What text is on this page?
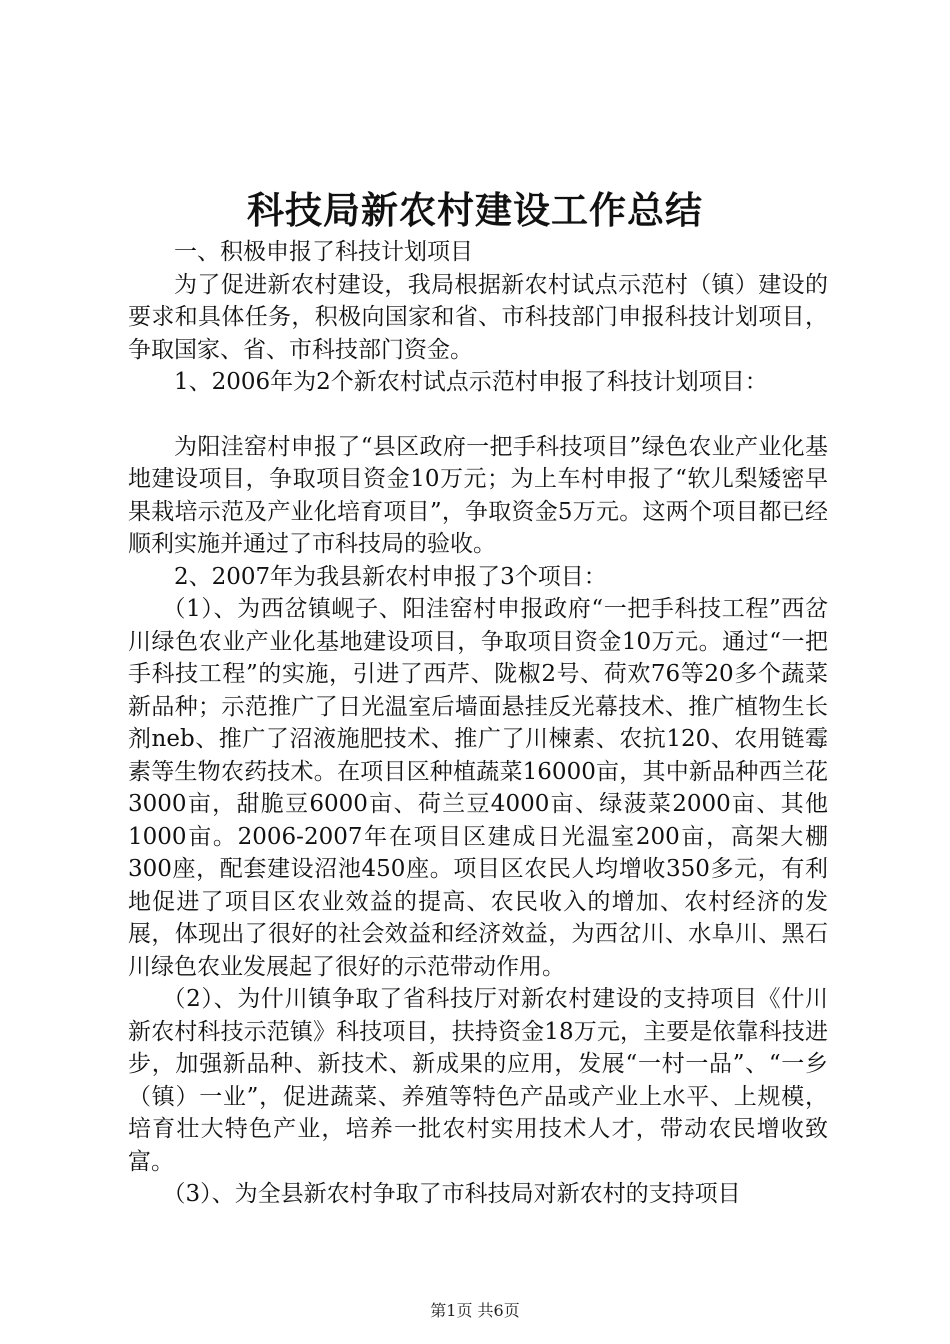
科技局新农村建设工作总结

一、积极申报了科技计划项目

为了促进新农村建设，我局根据新农村试点示范村（镇）建设的要求和具体任务，积极向国家和省、市科技部门申报科技计划项目，争取国家、省、市科技部门资金。

1、2006年为2个新农村试点示范村申报了科技计划项目：

为阳洼窑村申报了“县区政府一把手科技项目”绿色农业产业化基地建设项目，争取项目资金10万元；为上车村申报了“软儿梨矮密早果栽培示范及产业化培育项目”，争取资金5万元。这两个项目都已经顺利实施并通过了市科技局的验收。

2、2007年为我县新农村申报了3个项目：

（1）、为西岔镇岘子、阳洼窑村申报政府“一把手科技工程”西岔川绿色农业产业化基地建设项目，争取项目资金10万元。通过“一把手科技工程”的实施，引进了西芹、陇椒2号、荷欢76等20多个蔬菜新品种；示范推广了日光温室后墙面悬挂反光幕技术、推广植物生长剂neb、推广了沼液施肥技术、推广了川楝素、农抗120、农用链霉素等生物农药技术。在项目区种植蔬菜16000亩，其中新品种西兰花3000亩，甜脆豆6000亩、荷兰豆4000亩、绿菠菜2000亩、其他1000亩。2006-2007年在项目区建成日光温室200亩，高架大棚300座，配套建设沼池450座。项目区农民人均增收350多元，有利地促进了项目区农业效益的提高、农民收入的增加、农村经济的发展，体现出了很好的社会效益和经济效益，为西岔川、水阜川、黑石川绿色农业发展起了很好的示范带动作用。

（2）、为什川镇争取了省科技厅对新农村建设的支持项目《什川新农村科技示范镇》科技项目，扶持资金18万元，主要是依靠科技进步，加强新品种、新技术、新成果的应用，发展“一村一品”、“一乡（镇）一业”，促进蔬菜、养殖等特色产品或产业上水平、上规模，培育壮大特色产业，培养一批农村实用技术人才，带动农民增收致富。

（3）、为全县新农村争取了市科技局对新农村的支持项目

第1页 共6页
